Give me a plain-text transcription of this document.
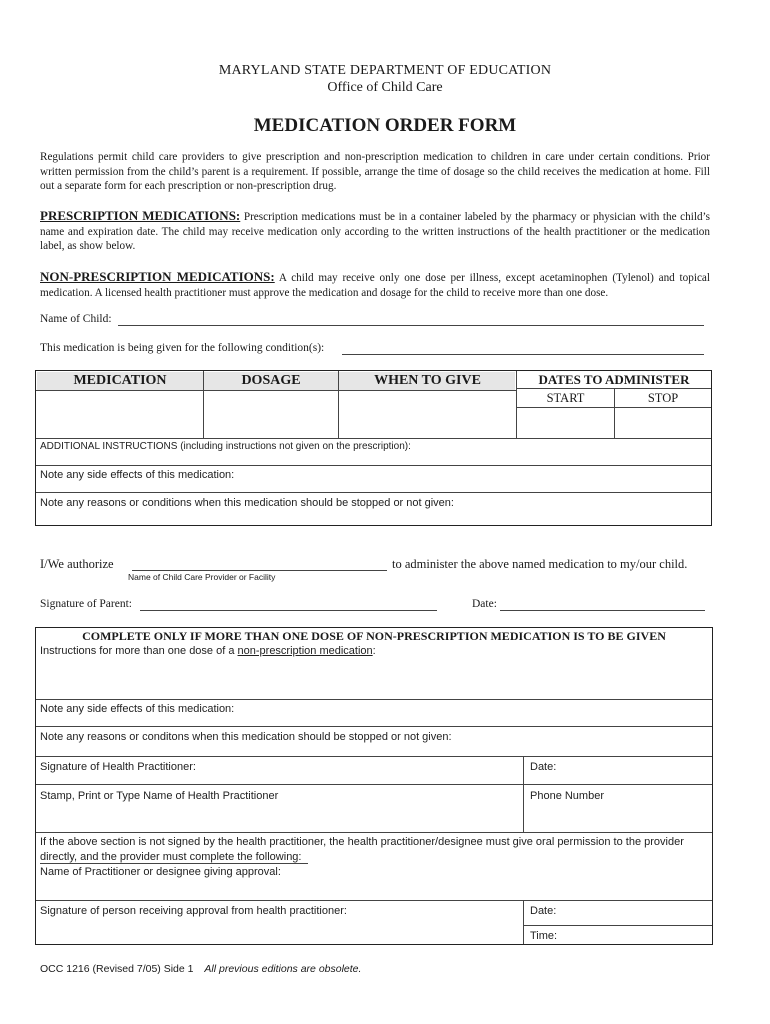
MARYLAND STATE DEPARTMENT OF EDUCATION
Office of Child Care
MEDICATION ORDER FORM
Regulations permit child care providers to give prescription and non-prescription medication to children in care under certain conditions. Prior written permission from the child’s parent is a requirement. If possible, arrange the time of dosage so the child receives the medication at home. Fill out a separate form for each prescription or non-prescription drug.
PRESCRIPTION MEDICATIONS: Prescription medications must be in a container labeled by the pharmacy or physician with the child’s name and expiration date. The child may receive medication only according to the written instructions of the health practitioner or the medication label, as show below.
NON-PRESCRIPTION MEDICATIONS: A child may receive only one dose per illness, except acetaminophen (Tylenol) and topical medication. A licensed health practitioner must approve the medication and dosage for the child to receive more than one dose.
Name of Child:
This medication is being given for the following condition(s):
MEDICATION	DOSAGE	WHEN TO GIVE	DATES TO ADMINISTER
START	STOP
ADDITIONAL INSTRUCTIONS (including instructions not given on the prescription):
Note any side effects of this medication:
Note any reasons or conditions when this medication should be stopped or not given:
I/We authorize	to administer the above named medication to my/our child.
Name of Child Care Provider or Facility
Signature of Parent:	Date:
COMPLETE ONLY IF MORE THAN ONE DOSE OF NON-PRESCRIPTION MEDICATION IS TO BE GIVEN
Instructions for more than one dose of a non-prescription medication:
Note any side effects of this medication:
Note any reasons or conditons when this medication should be stopped or not given:
Signature of Health Practitioner:	Date:
Stamp, Print or Type Name of Health Practitioner	Phone Number
If the above section is not signed by the health practitioner, the health practitioner/designee must give oral permission to the provider
directly, and the provider must complete the following:
Name of Practitioner or designee giving approval:
Signature of person receiving approval from health practitioner:	Date:
Time:
OCC 1216 (Revised 7/05) Side 1 All previous editions are obsolete.
